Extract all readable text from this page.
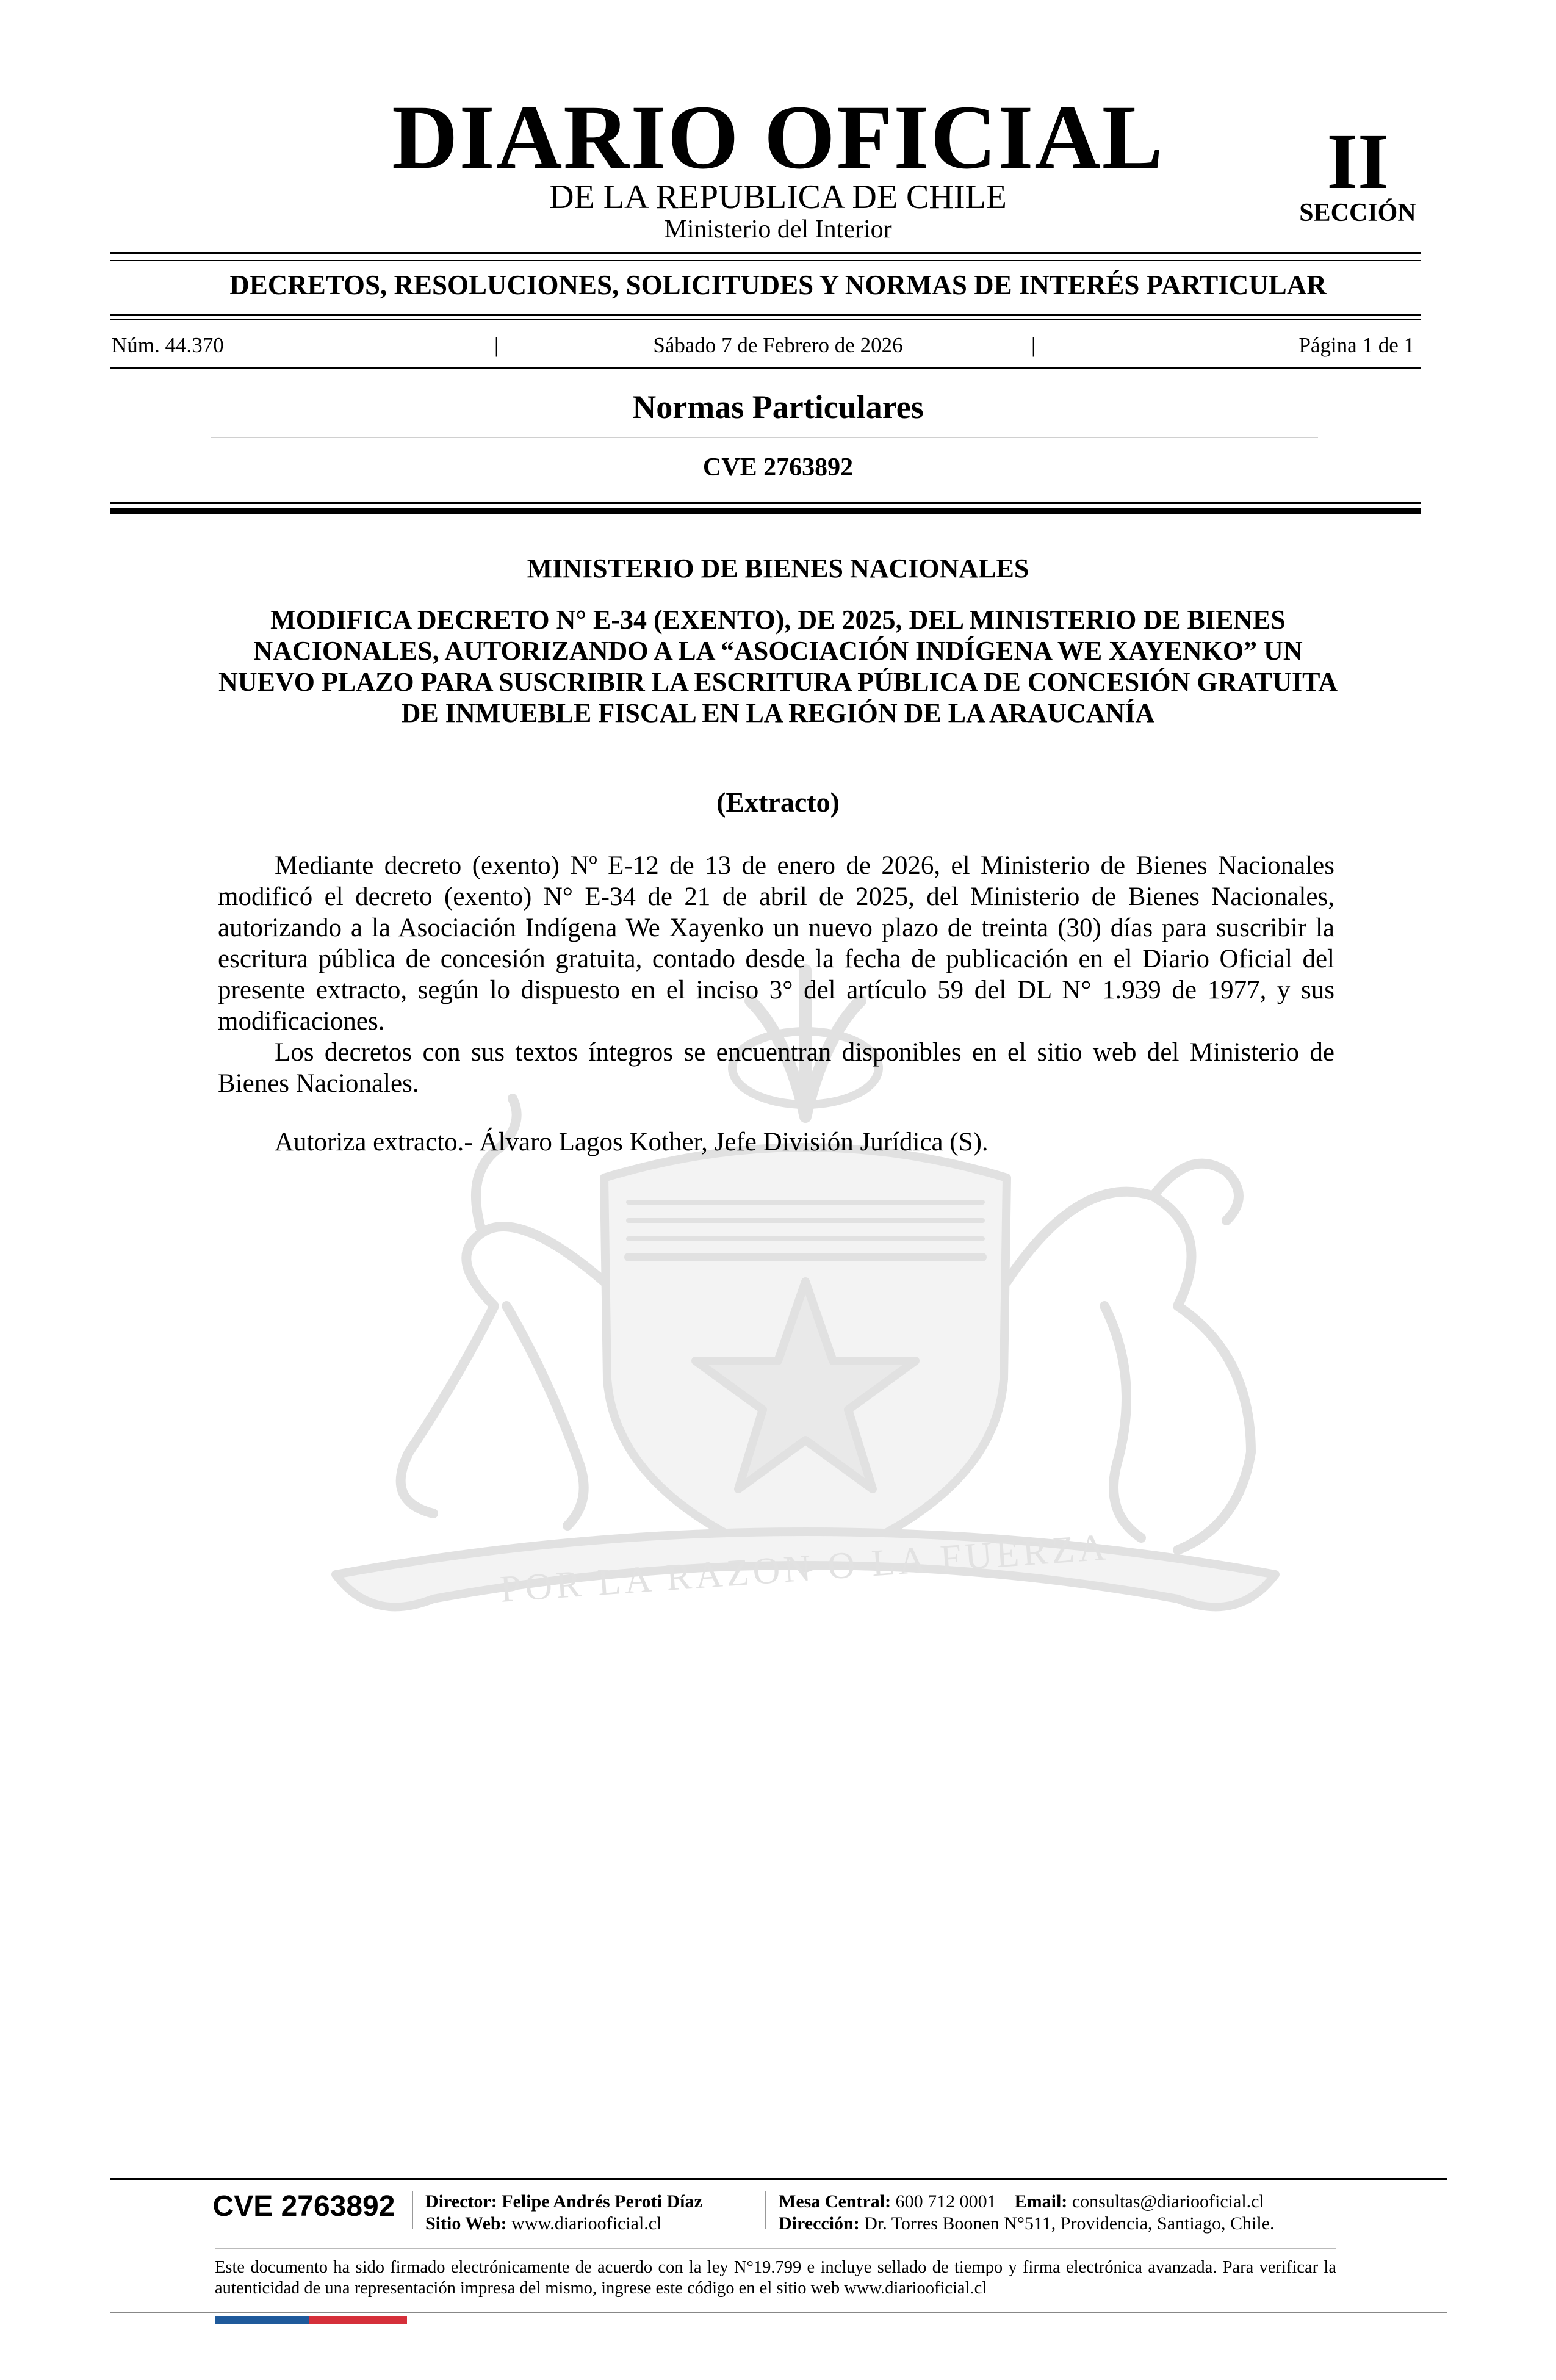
POR LA RAZON O LA FUERZA
DIARIO OFICIAL
DE LA REPUBLICA DE CHILE
Ministerio del Interior
II
SECCIÓN
DECRETOS, RESOLUCIONES, SOLICITUDES Y NORMAS DE INTERÉS PARTICULAR
Núm. 44.370	|	Sábado 7 de Febrero de 2026	|	Página 1 de 1
Normas Particulares
CVE 2763892
MINISTERIO DE BIENES NACIONALES
MODIFICA DECRETO N° E-34 (EXENTO), DE 2025, DEL MINISTERIO DE BIENES NACIONALES, AUTORIZANDO A LA “ASOCIACIÓN INDÍGENA WE XAYENKO” UN NUEVO PLAZO PARA SUSCRIBIR LA ESCRITURA PÚBLICA DE CONCESIÓN GRATUITA DE INMUEBLE FISCAL EN LA REGIÓN DE LA ARAUCANÍA
(Extracto)

Mediante decreto (exento) Nº E-12 de 13 de enero de 2026, el Ministerio de Bienes Nacionales modificó el decreto (exento) N° E-34 de 21 de abril de 2025, del Ministerio de Bienes Nacionales, autorizando a la Asociación Indígena We Xayenko un nuevo plazo de treinta (30) días para suscribir la escritura pública de concesión gratuita, contado desde la fecha de publicación en el Diario Oficial del presente extracto, según lo dispuesto en el inciso 3° del artículo 59 del DL N° 1.939 de 1977, y sus modificaciones.

Los decretos con sus textos íntegros se encuentran disponibles en el sitio web del Ministerio de Bienes Nacionales.

Autoriza extracto.- Álvaro Lagos Kother, Jefe División Jurídica (S).
CVE 2763892	Director: Felipe Andrés Peroti Díaz
Sitio Web: www.diariooficial.cl
Mesa Central: 600 712 0001 Email: consultas@diariooficial.cl
Dirección: Dr. Torres Boonen N°511, Providencia, Santiago, Chile.
Este documento ha sido firmado electrónicamente de acuerdo con la ley N°19.799 e incluye sellado de tiempo y firma electrónica avanzada. Para verificar la autenticidad de una representación impresa del mismo, ingrese este código en el sitio web www.diariooficial.cl
